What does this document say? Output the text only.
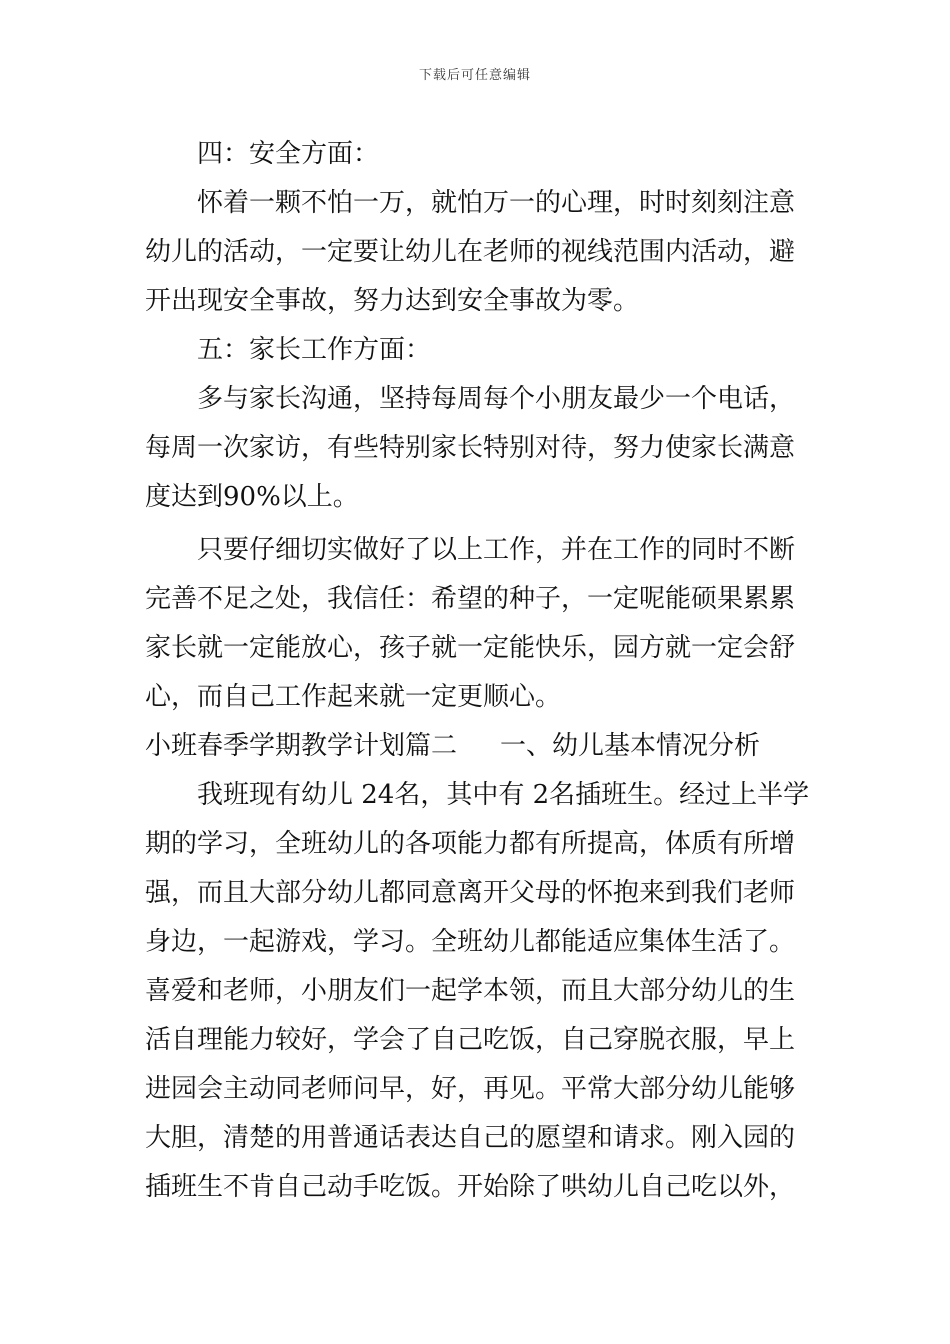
下载后可任意编辑
四：安全方面：
怀着一颗不怕一万，就怕万一的心理，时时刻刻注意
幼儿的活动，一定要让幼儿在老师的视线范围内活动，避
开出现安全事故，努力达到安全事故为零。
五：家长工作方面：
多与家长沟通，坚持每周每个小朋友最少一个电话，
每周一次家访，有些特别家长特别对待，努力使家长满意
度达到90%以上。
只要仔细切实做好了以上工作，并在工作的同时不断
完善不足之处，我信任：希望的种子，一定呢能硕果累累
家长就一定能放心，孩子就一定能快乐，园方就一定会舒
心，而自己工作起来就一定更顺心。
小班春季学期教学计划篇二 一、幼儿基本情况分析
我班现有幼儿 24名，其中有 2名插班生。经过上半学
期的学习，全班幼儿的各项能力都有所提高，体质有所增
强，而且大部分幼儿都同意离开父母的怀抱来到我们老师
身边，一起游戏，学习。全班幼儿都能适应集体生活了。
喜爱和老师，小朋友们一起学本领，而且大部分幼儿的生
活自理能力较好，学会了自己吃饭，自己穿脱衣服，早上
进园会主动同老师问早，好，再见。平常大部分幼儿能够
大胆，清楚的用普通话表达自己的愿望和请求。刚入园的
插班生不肯自己动手吃饭。开始除了哄幼儿自己吃以外，
